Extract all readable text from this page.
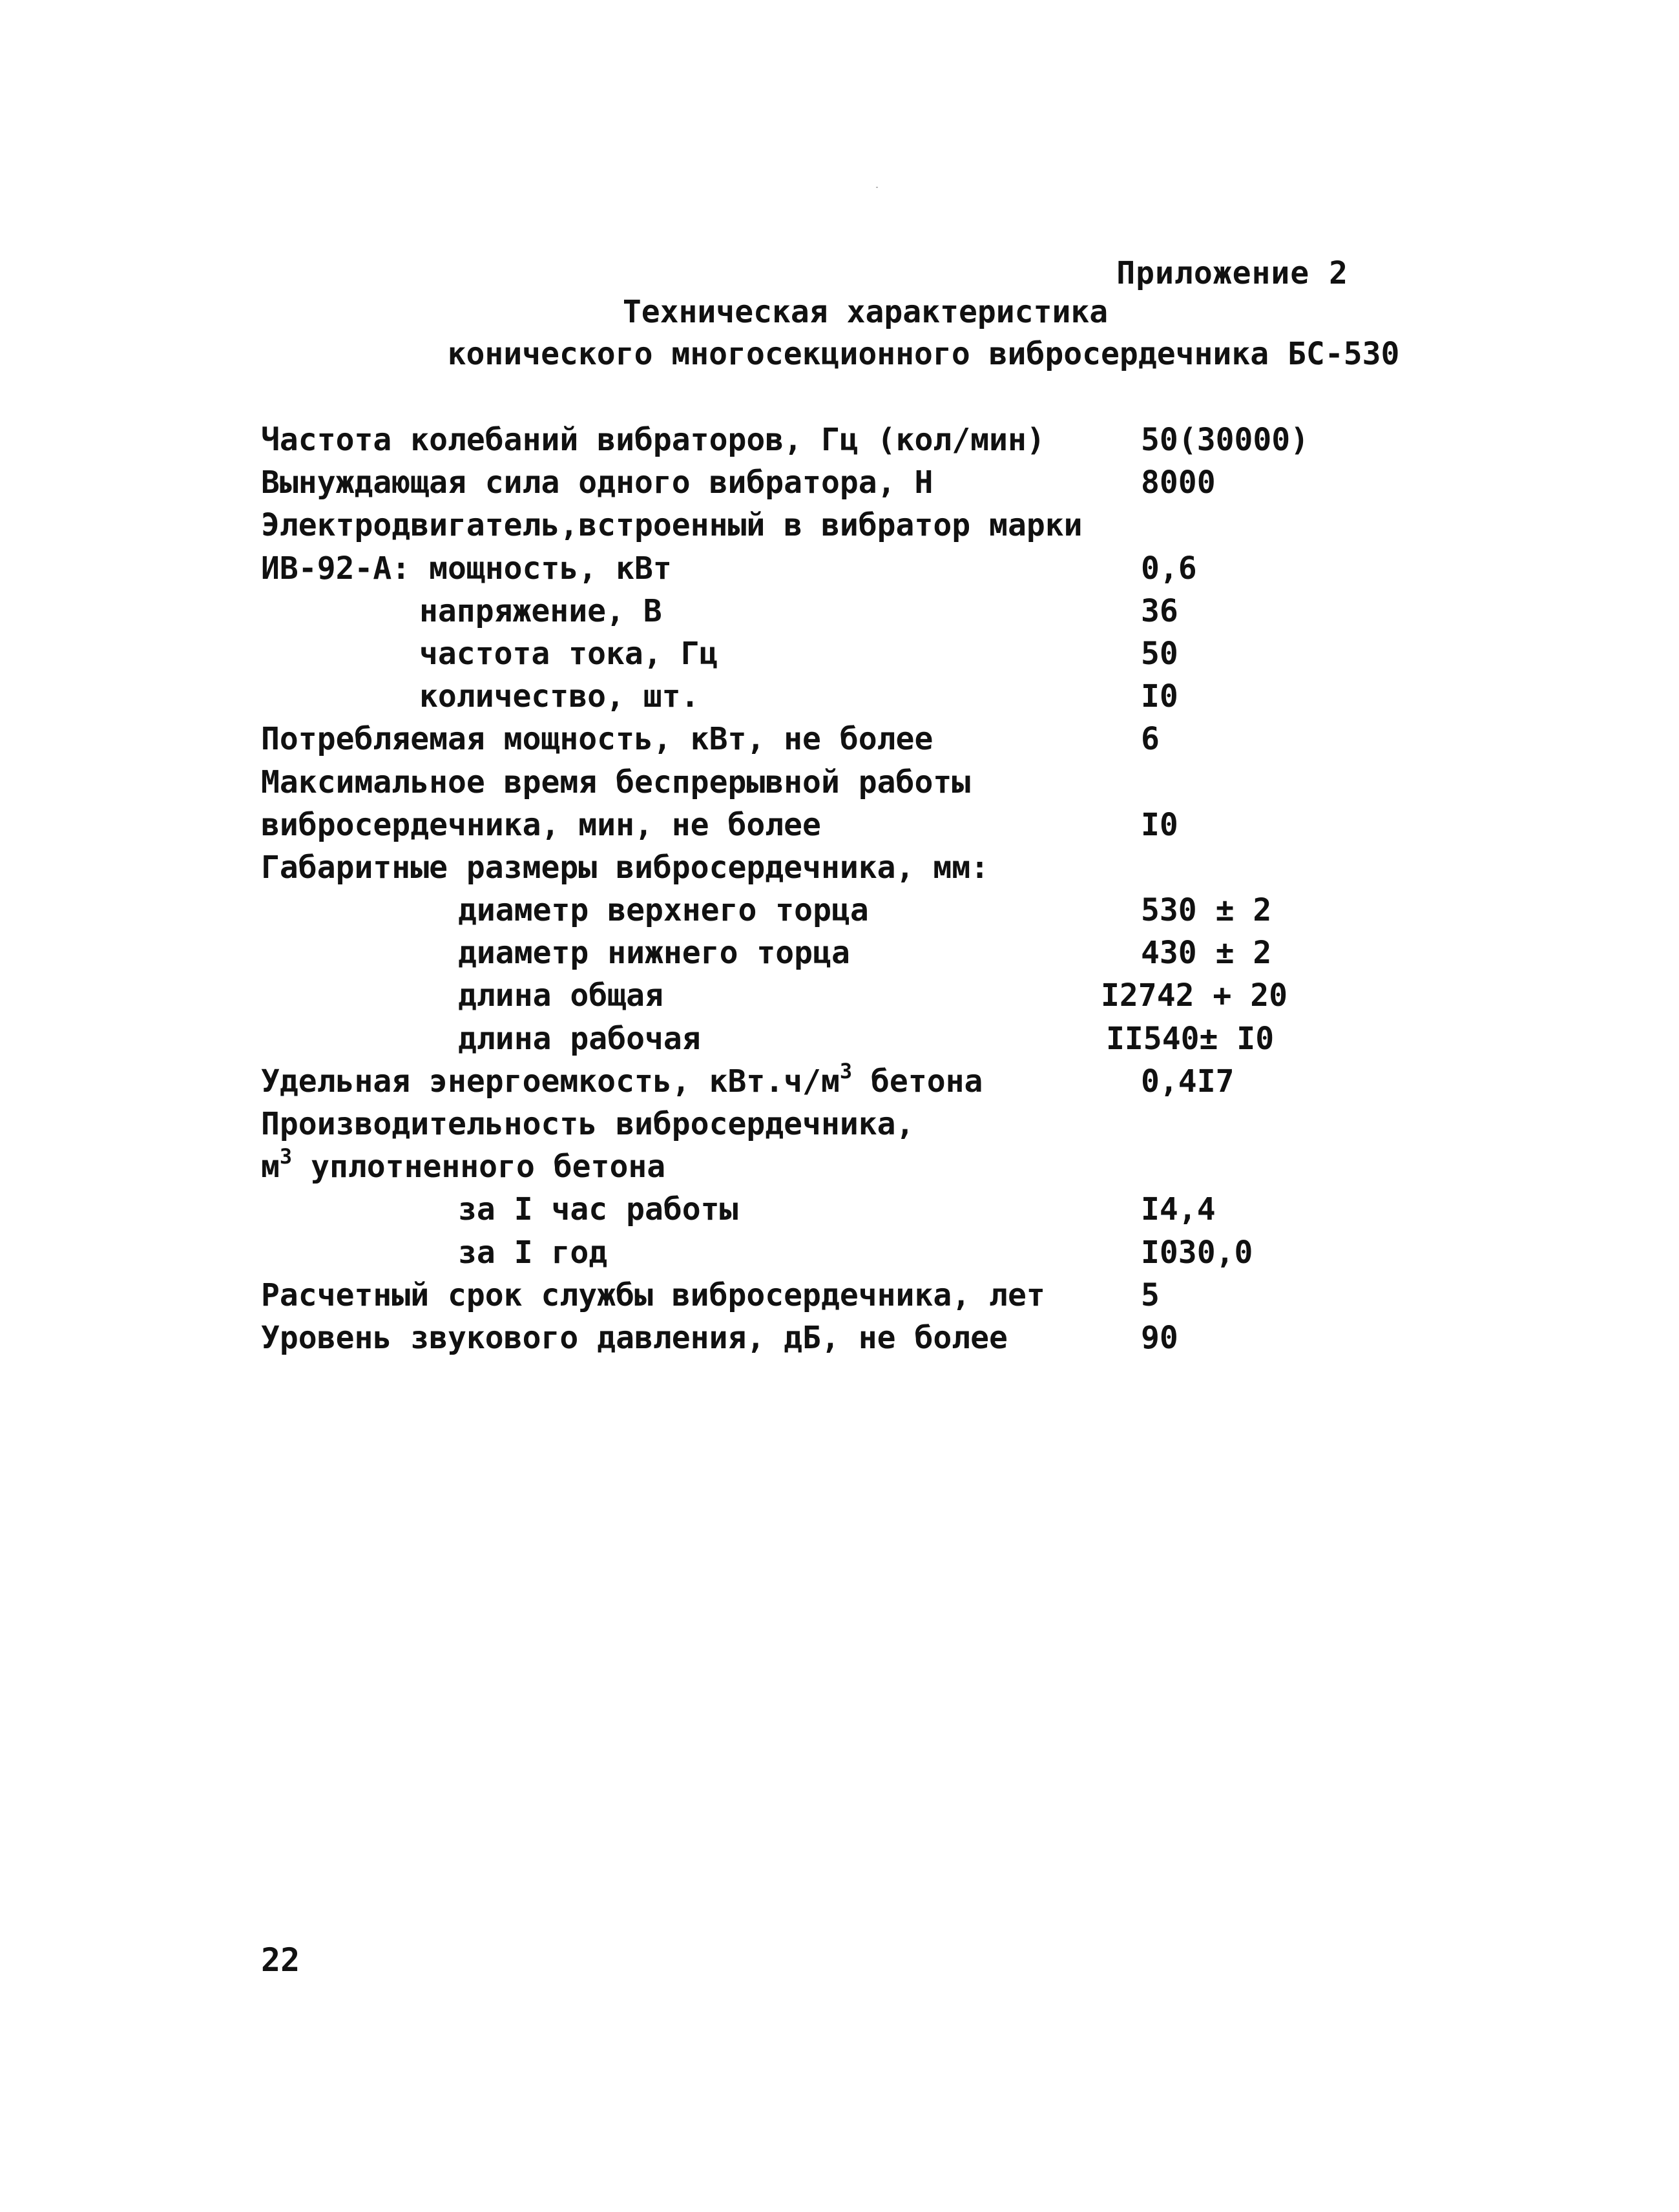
Приложение 2
Техническая характеристика
конического многосекционного вибросердечника БС-530
Частота колебаний вибраторов, Гц (кол/мин)	50(30000)
Вынуждающая сила одного вибратора, Н	8000
Электродвигатель,встроенный в вибратор марки
ИВ-92-А: мощность, кВт	0,6
напряжение, В	36
частота тока, Гц	50
количество, шт.	I0
Потребляемая мощность, кВт, не более	6
Максимальное время беспрерывной работы
вибросердечника, мин, не более	I0
Габаритные размеры вибросердечника, мм:
диаметр верхнего торца	530 ± 2
диаметр нижнего торца	430 ± 2
длина общая	I2742 + 20
длина рабочая	II540± I0
Удельная энергоемкость, $кВт.ч/м^3$ бетона	0,4I7
Производительность вибросердечника,
$м^3$ уплотненного бетона
за I час работы	I4,4
за I год	I030,0
Расчетный срок службы вибросердечника, лет	5
Уровень звукового давления, дБ, не более	90
22
